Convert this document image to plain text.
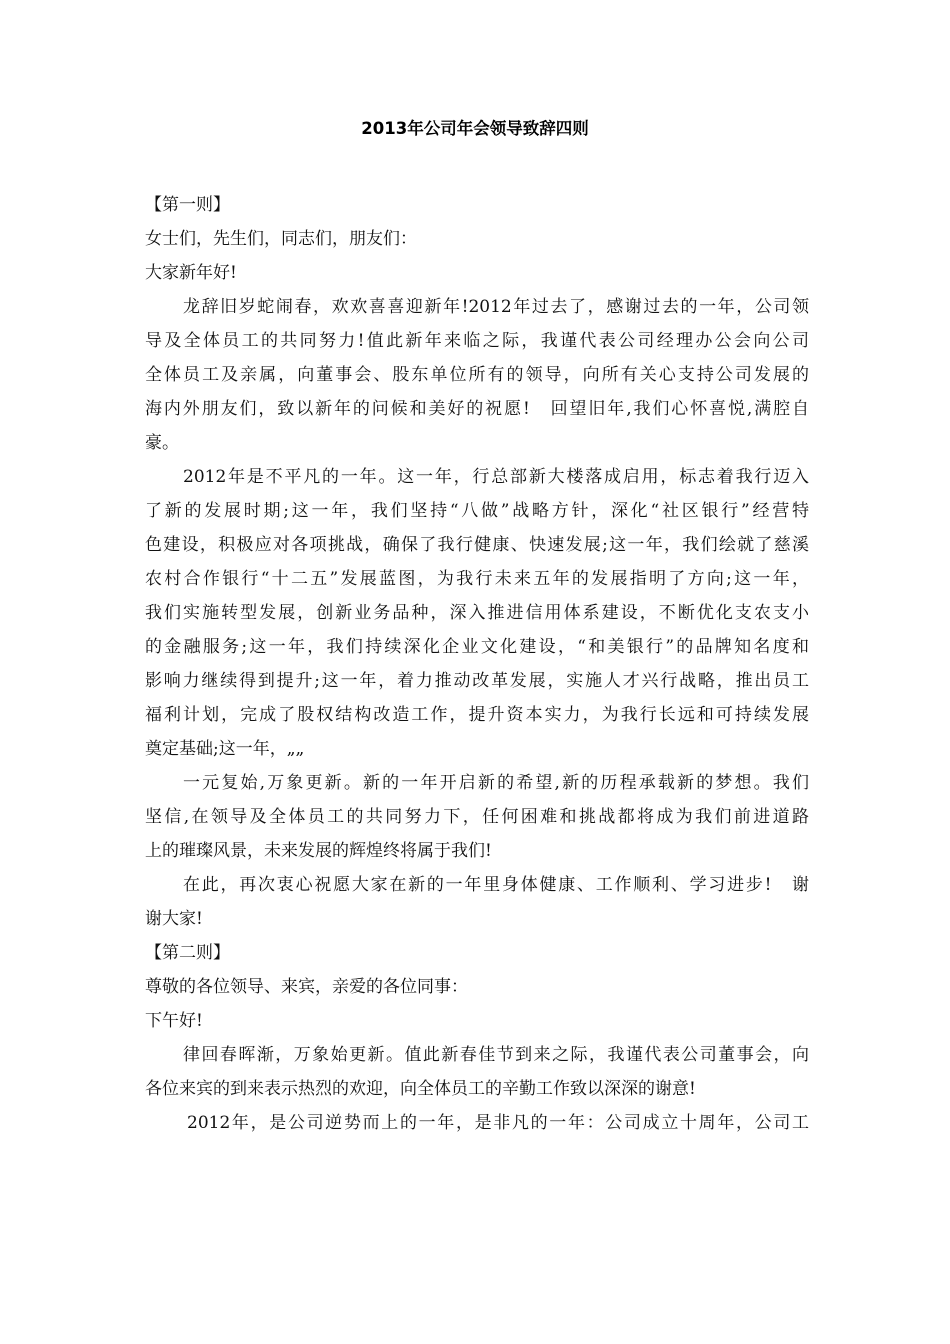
2013年公司年会领导致辞四则
【第一则】
女士们，先生们，同志们，朋友们：
大家新年好!
龙辞旧岁蛇闹春，欢欢喜喜迎新年!2012年过去了，感谢过去的一年，公司领
导及全体员工的共同努力!值此新年来临之际，我谨代表公司经理办公会向公司
全体员工及亲属，向董事会、股东单位所有的领导，向所有关心支持公司发展的
海内外朋友们，致以新年的问候和美好的祝愿!　回望旧年,我们心怀喜悦,满腔自
豪。
2012年是不平凡的一年。这一年，行总部新大楼落成启用，标志着我行迈入
了新的发展时期;这一年，我们坚持“八做”战略方针，深化“社区银行”经营特
色建设，积极应对各项挑战，确保了我行健康、快速发展;这一年，我们绘就了慈溪
农村合作银行“十二五”发展蓝图，为我行未来五年的发展指明了方向;这一年，
我们实施转型发展，创新业务品种，深入推进信用体系建设，不断优化支农支小
的金融服务;这一年，我们持续深化企业文化建设，“和美银行”的品牌知名度和
影响力继续得到提升;这一年，着力推动改革发展，实施人才兴行战略，推出员工
福利计划，完成了股权结构改造工作，提升资本实力，为我行长远和可持续发展
奠定基础;这一年，„„
一元复始,万象更新。新的一年开启新的希望,新的历程承载新的梦想。我们
坚信,在领导及全体员工的共同努力下，任何困难和挑战都将成为我们前进道路
上的璀璨风景，未来发展的辉煌终将属于我们!
在此，再次衷心祝愿大家在新的一年里身体健康、工作顺利、学习进步!　谢
谢大家!
【第二则】
尊敬的各位领导、来宾，亲爱的各位同事：
下午好!
律回春晖渐，万象始更新。值此新春佳节到来之际，我谨代表公司董事会，向
各位来宾的到来表示热烈的欢迎，向全体员工的辛勤工作致以深深的谢意!
2012年，是公司逆势而上的一年，是非凡的一年：公司成立十周年，公司工
